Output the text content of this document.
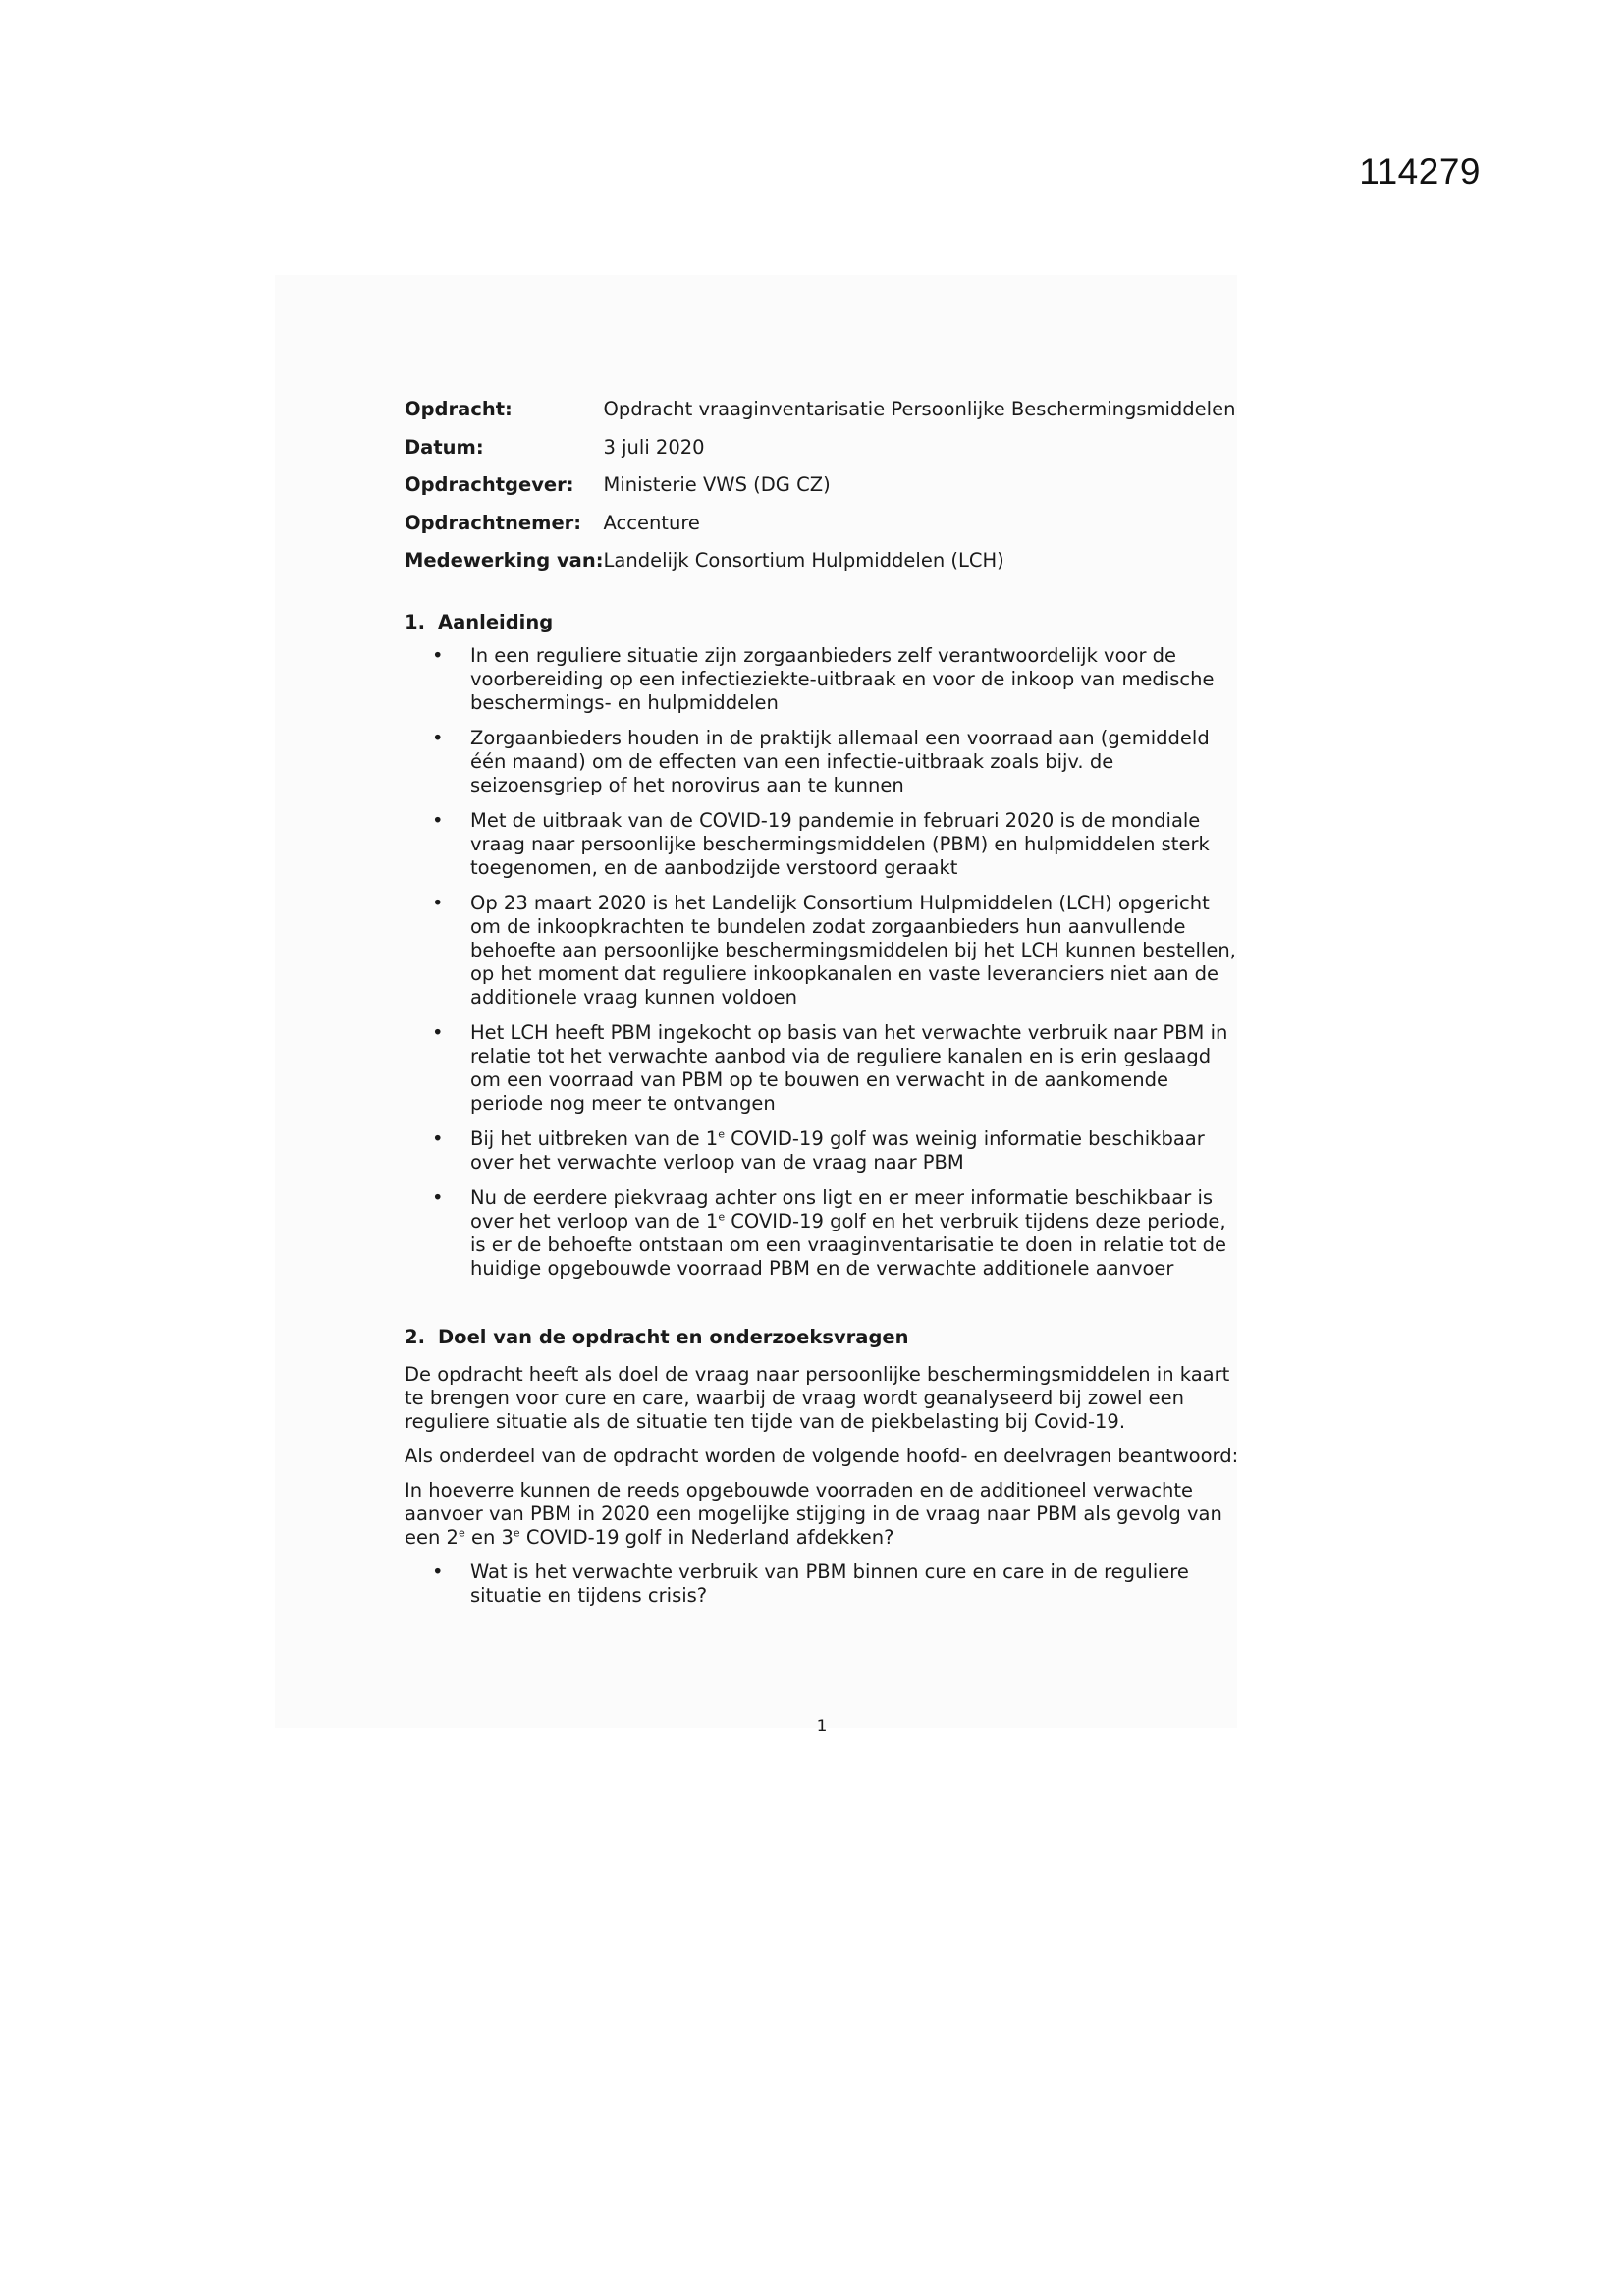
114279
Opdracht:	Opdracht vraaginventarisatie Persoonlijke Beschermingsmiddelen
Datum:	3 juli 2020
Opdrachtgever:	Ministerie VWS (DG CZ)
Opdrachtnemer:	Accenture
Medewerking van:	Landelijk Consortium Hulpmiddelen (LCH)
1. Aanleiding
• In een reguliere situatie zijn zorgaanbieders zelf verantwoordelijk voor de voorbereiding op een infectieziekte-uitbraak en voor de inkoop van medische beschermings- en hulpmiddelen
• Zorgaanbieders houden in de praktijk allemaal een voorraad aan (gemiddeld één maand) om de effecten van een infectie-uitbraak zoals bijv. de seizoensgriep of het norovirus aan te kunnen
• Met de uitbraak van de COVID-19 pandemie in februari 2020 is de mondiale vraag naar persoonlijke beschermingsmiddelen (PBM) en hulpmiddelen sterk toegenomen, en de aanbodzijde verstoord geraakt
• Op 23 maart 2020 is het Landelijk Consortium Hulpmiddelen (LCH) opgericht om de inkoopkrachten te bundelen zodat zorgaanbieders hun aanvullende behoefte aan persoonlijke beschermingsmiddelen bij het LCH kunnen bestellen, op het moment dat reguliere inkoopkanalen en vaste leveranciers niet aan de additionele vraag kunnen voldoen
• Het LCH heeft PBM ingekocht op basis van het verwachte verbruik naar PBM in relatie tot het verwachte aanbod via de reguliere kanalen en is erin geslaagd om een voorraad van PBM op te bouwen en verwacht in de aankomende periode nog meer te ontvangen
• Bij het uitbreken van de 1e COVID-19 golf was weinig informatie beschikbaar over het verwachte verloop van de vraag naar PBM
• Nu de eerdere piekvraag achter ons ligt en er meer informatie beschikbaar is over het verloop van de 1e COVID-19 golf en het verbruik tijdens deze periode, is er de behoefte ontstaan om een vraaginventarisatie te doen in relatie tot de huidige opgebouwde voorraad PBM en de verwachte additionele aanvoer
2. Doel van de opdracht en onderzoeksvragen

De opdracht heeft als doel de vraag naar persoonlijke beschermingsmiddelen in kaart te brengen voor cure en care, waarbij de vraag wordt geanalyseerd bij zowel een reguliere situatie als de situatie ten tijde van de piekbelasting bij Covid-19.

Als onderdeel van de opdracht worden de volgende hoofd- en deelvragen beantwoord:

In hoeverre kunnen de reeds opgebouwde voorraden en de additioneel verwachte aanvoer van PBM in 2020 een mogelijke stijging in de vraag naar PBM als gevolg van een 2e en 3e COVID-19 golf in Nederland afdekken?

• Wat is het verwachte verbruik van PBM binnen cure en care in de reguliere situatie en tijdens crisis?
1
